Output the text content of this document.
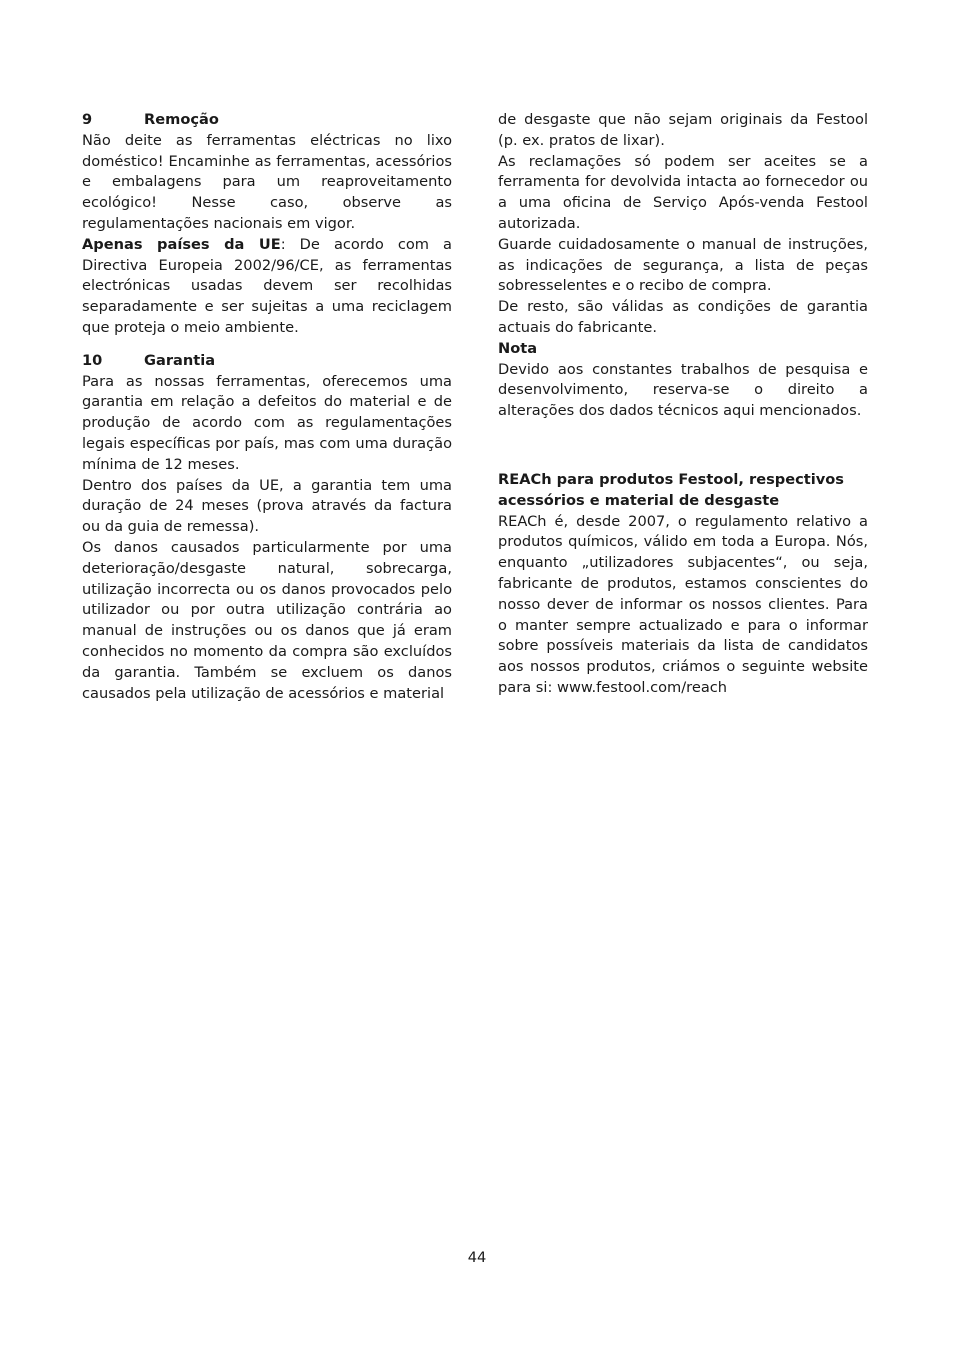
9	Remoção

Não deite as ferramentas eléctricas no lixo doméstico! Encaminhe as ferramentas, acessórios e embalagens para um reaproveitamento ecológico! Nesse caso, observe as regulamentações nacionais em vigor.

Apenas países da UE: De acordo com a Directiva Europeia 2002/96/CE, as ferramentas electrónicas usadas devem ser recolhidas separadamente e ser sujeitas a uma reciclagem que proteja o meio ambiente.

10	Garantia

Para as nossas ferramentas, oferecemos uma garantia em relação a defeitos do material e de produção de acordo com as regulamentações legais específicas por país, mas com uma duração mínima de 12 meses.

Dentro dos países da UE, a garantia tem uma duração de 24 meses (prova através da factura ou da guia de remessa).

Os danos causados particularmente por uma deterioração/desgaste natural, sobrecarga, utilização incorrecta ou os danos provocados pelo utilizador ou por outra utilização contrária ao manual de instruções ou os danos que já eram conhecidos no momento da compra são excluídos da garantia. Também se excluem os danos causados pela utilização de acessórios e material

de desgaste que não sejam originais da Festool (p. ex. pratos de lixar).

As reclamações só podem ser aceites se a ferramenta for devolvida intacta ao fornecedor ou a uma oficina de Serviço Após-venda Festool autorizada.

Guarde cuidadosamente o manual de instruções, as indicações de segurança, a lista de peças sobresselentes e o recibo de compra.

De resto, são válidas as condições de garantia actuais do fabricante.

Nota

Devido aos constantes trabalhos de pesquisa e desenvolvimento, reserva-se o direito a alterações dos dados técnicos aqui mencionados.

REACh para produtos Festool, respectivos acessórios e material de desgaste

REACh é, desde 2007, o regulamento relativo a produtos químicos, válido em toda a Europa. Nós, enquanto „utilizadores subjacentes“, ou seja, fabricante de produtos, estamos conscientes do nosso dever de informar os nossos clientes. Para o manter sempre actualizado e para o informar sobre possíveis materiais da lista de candidatos aos nossos produtos, criámos o seguinte website para si: www.festool.com/reach

44
